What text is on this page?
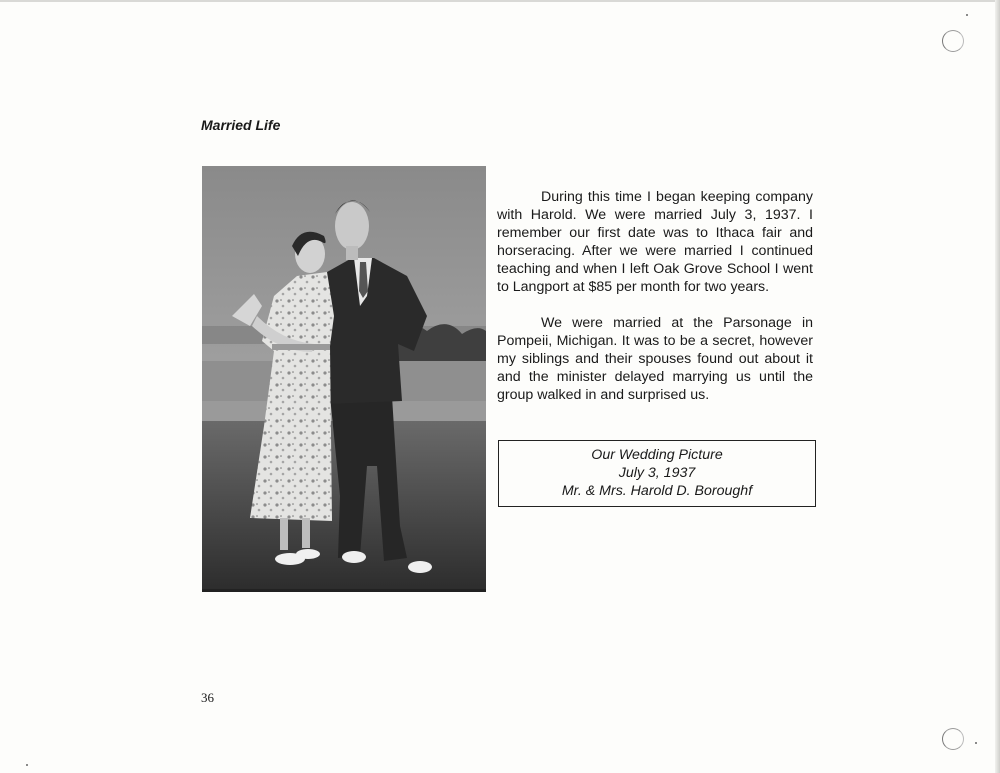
Married Life

During this time I began keeping company with Harold. We were married July 3, 1937. I remember our first date was to Ithaca fair and horseracing. After we were married I continued teaching and when I left Oak Grove School I went to Langport at $85 per month for two years.

We were married at the Parsonage in Pompeii, Michigan. It was to be a secret, however my siblings and their spouses found out about it and the minister delayed marrying us until the group walked in and surprised us.

Our Wedding Picture
July 3, 1937
Mr. & Mrs. Harold D. Boroughf
36
